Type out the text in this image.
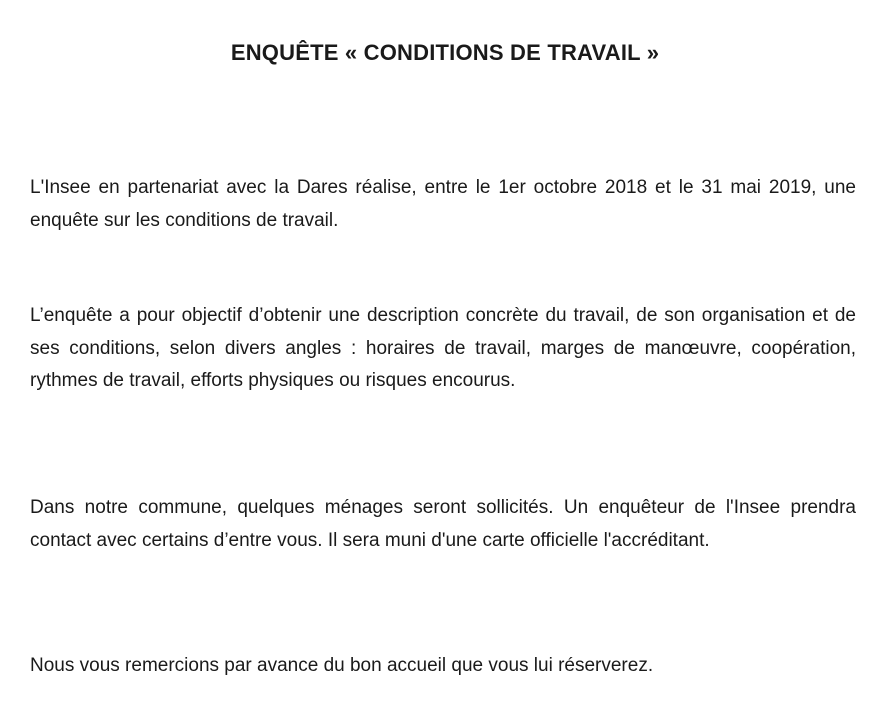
ENQUÊTE « CONDITIONS DE TRAVAIL »

L'Insee en partenariat avec la Dares réalise, entre le 1er octobre 2018 et le 31 mai 2019, une enquête sur les conditions de travail.

L’enquête a pour objectif d’obtenir une description concrète du travail, de son organisation et de ses conditions, selon divers angles : horaires de travail, marges de manœuvre, coopération, rythmes de travail, efforts physiques ou risques encourus.

Dans notre commune, quelques ménages seront sollicités. Un enquêteur de l'Insee prendra contact avec certains d’entre vous. Il sera muni d'une carte officielle l'accréditant.

Nous vous remercions par avance du bon accueil que vous lui réserverez.
